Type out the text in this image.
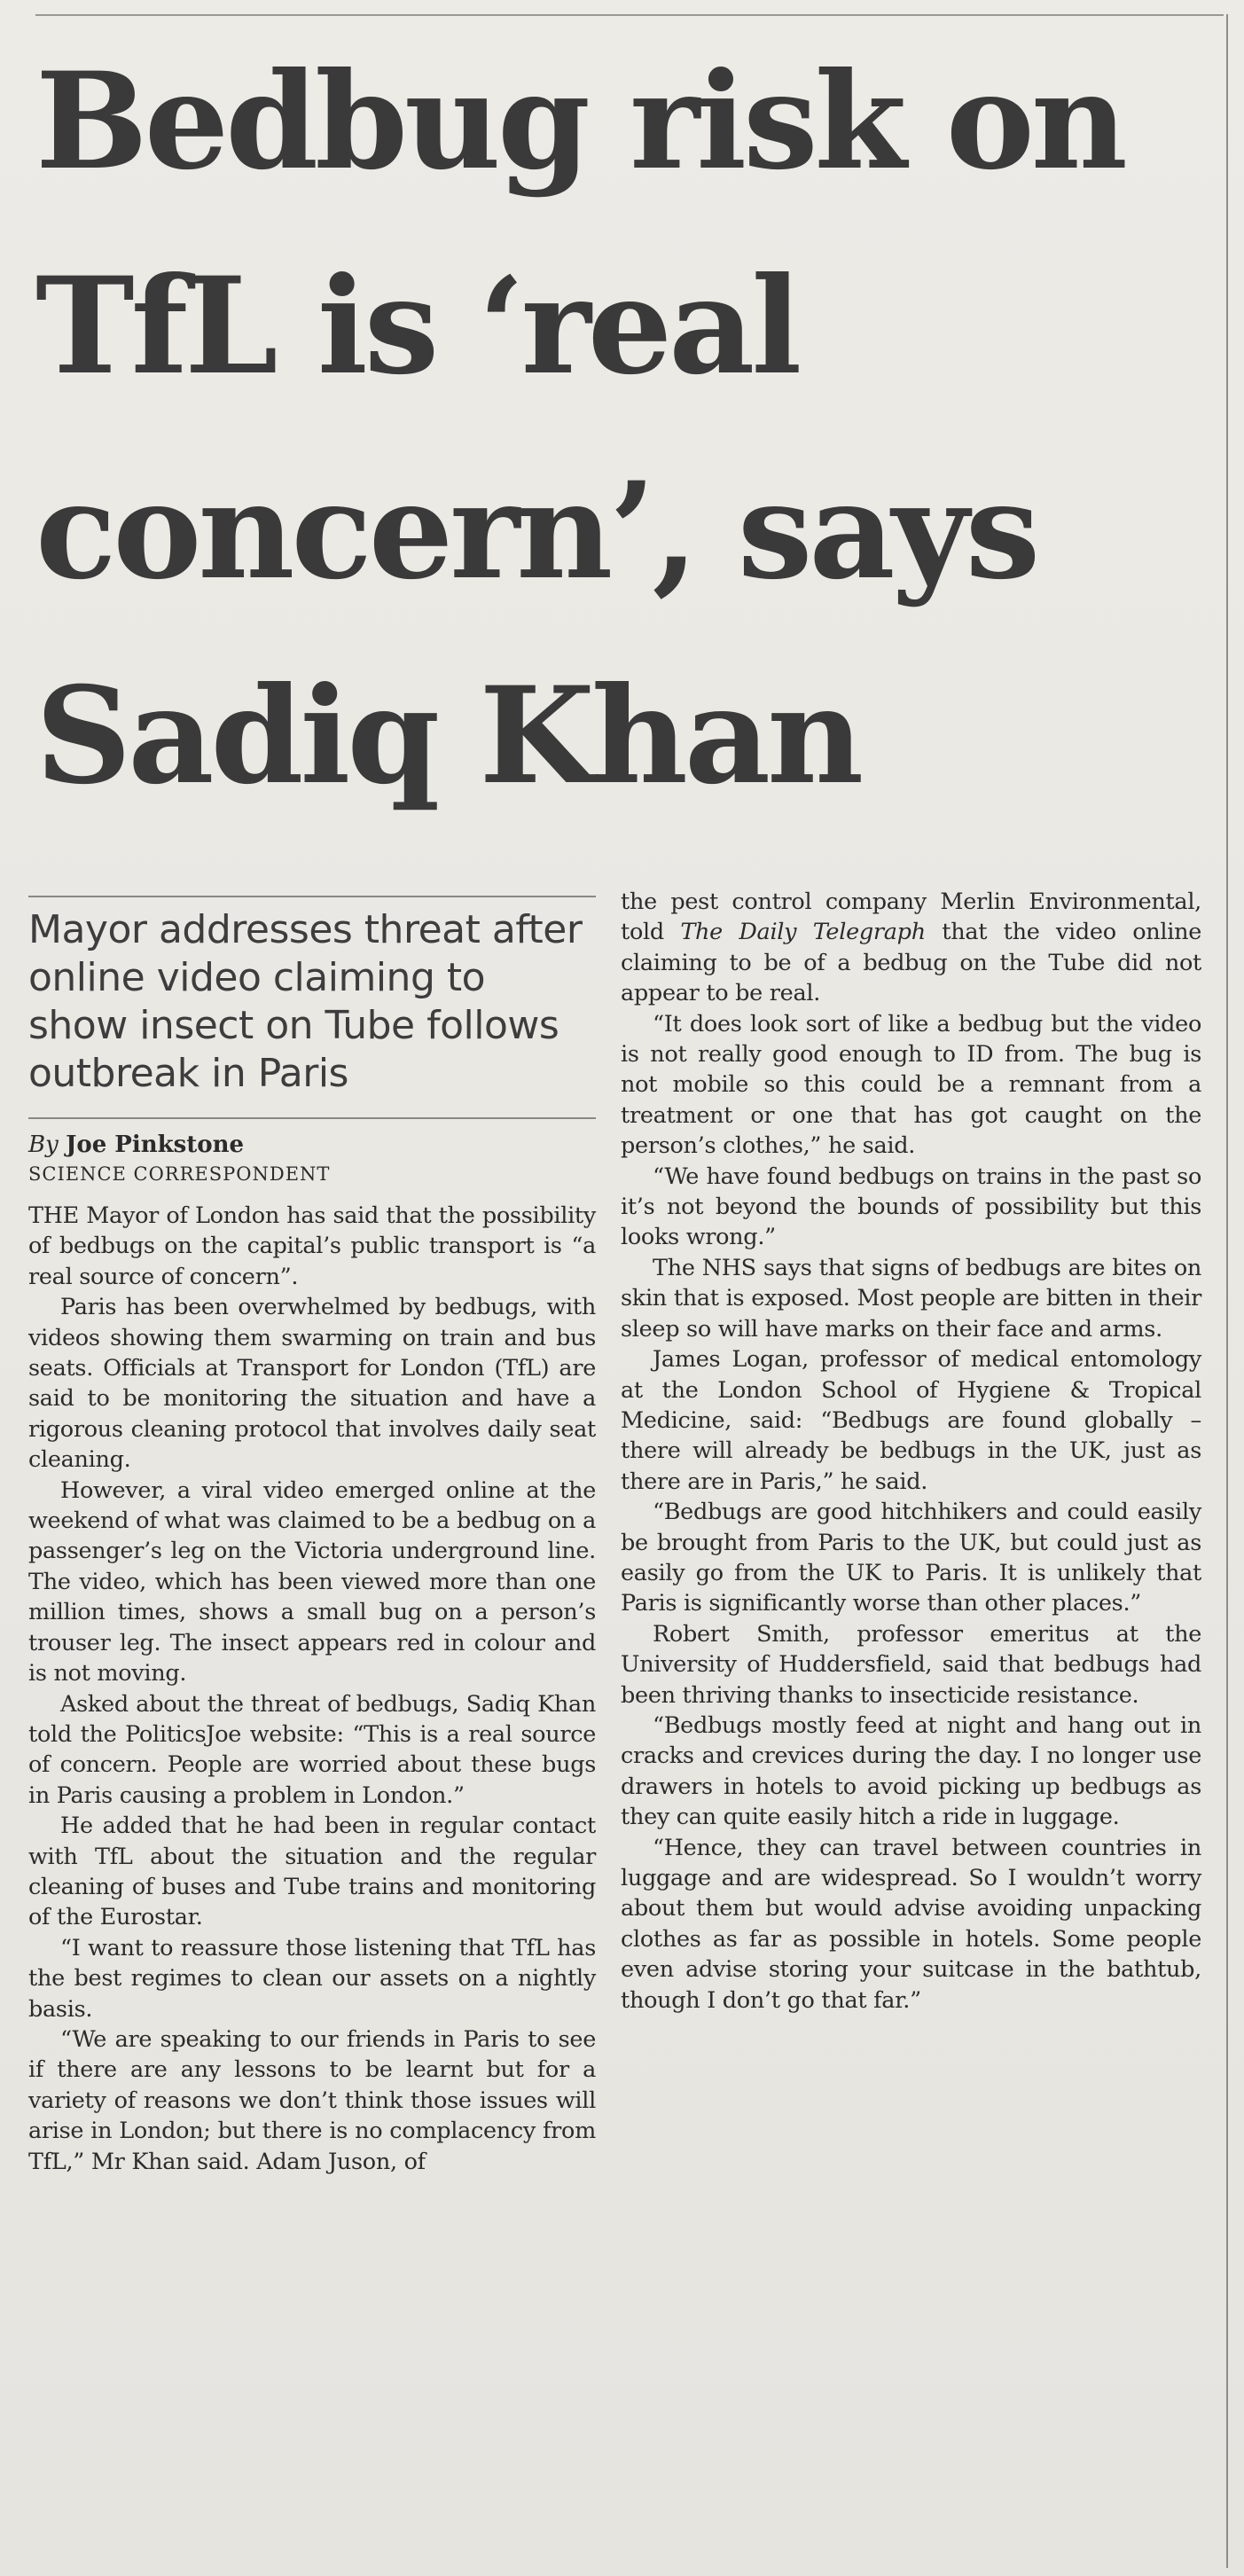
Bedbug risk on TfL is ‘real concern’, says Sadiq Khan

Mayor addresses threat after online video claiming to show insect on Tube follows outbreak in Paris

By Joe Pinkstone

SCIENCE CORRESPONDENT

THE Mayor of London has said that the possibility of bedbugs on the capital’s public transport is “a real source of concern”.

Paris has been overwhelmed by bedbugs, with videos showing them swarming on train and bus seats. Officials at Transport for London (TfL) are said to be monitoring the situation and have a rigorous cleaning protocol that involves daily seat cleaning.

However, a viral video emerged online at the weekend of what was claimed to be a bedbug on a passenger’s leg on the Victoria underground line. The video, which has been viewed more than one million times, shows a small bug on a person’s trouser leg. The insect appears red in colour and is not moving.

Asked about the threat of bedbugs, Sadiq Khan told the PoliticsJoe website: “This is a real source of concern. People are worried about these bugs in Paris causing a problem in London.”

He added that he had been in regular contact with TfL about the situation and the regular cleaning of buses and Tube trains and monitoring of the Eurostar.

“I want to reassure those listening that TfL has the best regimes to clean our assets on a nightly basis.

“We are speaking to our friends in Paris to see if there are any lessons to be learnt but for a variety of reasons we don’t think those issues will arise in London; but there is no complacency from TfL,” Mr Khan said. Adam Juson, of

the pest control company Merlin Environmental, told The Daily Telegraph that the video online claiming to be of a bedbug on the Tube did not appear to be real.

“It does look sort of like a bedbug but the video is not really good enough to ID from. The bug is not mobile so this could be a remnant from a treatment or one that has got caught on the person’s clothes,” he said.

“We have found bedbugs on trains in the past so it’s not beyond the bounds of possibility but this looks wrong.”

The NHS says that signs of bedbugs are bites on skin that is exposed. Most people are bitten in their sleep so will have marks on their face and arms.

James Logan, professor of medical entomology at the London School of Hygiene & Tropical Medicine, said: “Bedbugs are found globally – there will already be bedbugs in the UK, just as there are in Paris,” he said.

“Bedbugs are good hitchhikers and could easily be brought from Paris to the UK, but could just as easily go from the UK to Paris. It is unlikely that Paris is significantly worse than other places.”

Robert Smith, professor emeritus at the University of Huddersfield, said that bedbugs had been thriving thanks to insecticide resistance.

“Bedbugs mostly feed at night and hang out in cracks and crevices during the day. I no longer use drawers in hotels to avoid picking up bedbugs as they can quite easily hitch a ride in luggage.

“Hence, they can travel between countries in luggage and are widespread. So I wouldn’t worry about them but would advise avoiding unpacking clothes as far as possible in hotels. Some people even advise storing your suitcase in the bathtub, though I don’t go that far.”
